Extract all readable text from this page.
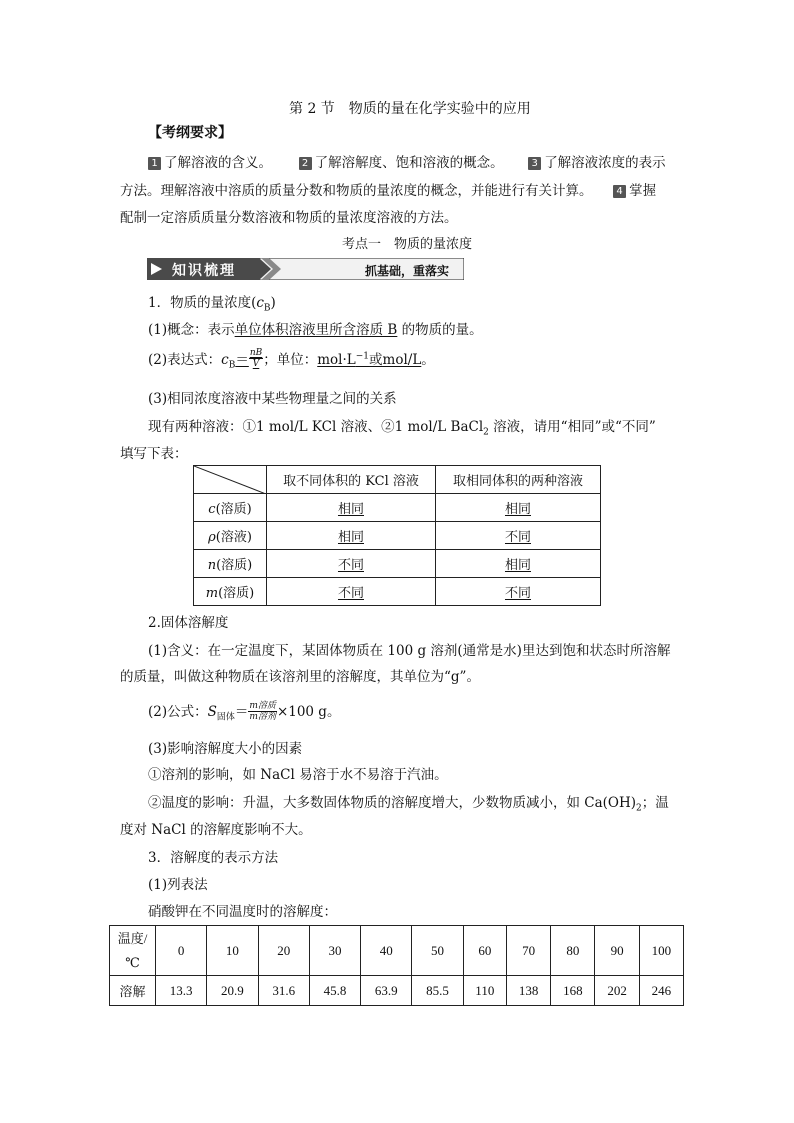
第 2 节　物质的量在化学实验中的应用
【考纲要求】
1 了解溶液的含义。	2 了解溶解度、饱和溶液的概念。	3 了解溶液浓度的表示
方法。理解溶液中溶质的质量分数和物质的量浓度的概念，并能进行有关计算。 4 掌握
配制一定溶质质量分数溶液和物质的量浓度溶液的方法。
考点一　物质的量浓度
知识梳理	抓基础，重落实
1．物质的量浓度$(c_B)$
(1)概念：表示单位体积溶液里所含溶质 B 的物质的量。
(2)表达式：$c_B= \frac{nB}{V}$ ；单位：$mol\cdot L^{-1}$或mol/L。
(3)相同浓度溶液中某些物理量之间的关系
现有两种溶液：①1 mol/L KCl 溶液、②1 mol/L BaCl$_2$ 溶液，请用“相同”或“不同”
填写下表：
	取不同体积的 KCl 溶液	取相同体积的两种溶液
c(溶质)	相同	相同
ρ(溶液)	相同	不同
n(溶质)	不同	相同
m(溶质)	不同	不同
2.固体溶解度
(1)含义：在一定温度下，某固体物质在 100 g 溶剂(通常是水)里达到饱和状态时所溶解
的质量，叫做这种物质在该溶剂里的溶解度，其单位为“g”。
(2)公式：$S_{固体}= \frac{\text{m溶质}}{\text{m溶剂}} \times 100$ g。
(3)影响溶解度大小的因素
①溶剂的影响，如 NaCl 易溶于水不易溶于汽油。
②温度的影响：升温，大多数固体物质的溶解度增大，少数物质减小，如 $Ca(OH)_2$；温
度对 NaCl 的溶解度影响不大。
3．溶解度的表示方法
(1)列表法
硝酸钾在不同温度时的溶解度：
温度/
℃	0	10	20	30	40	50	60	70	80	90	100
溶解	13.3	20.9	31.6	45.8	63.9	85.5	110	138	168	202	246
